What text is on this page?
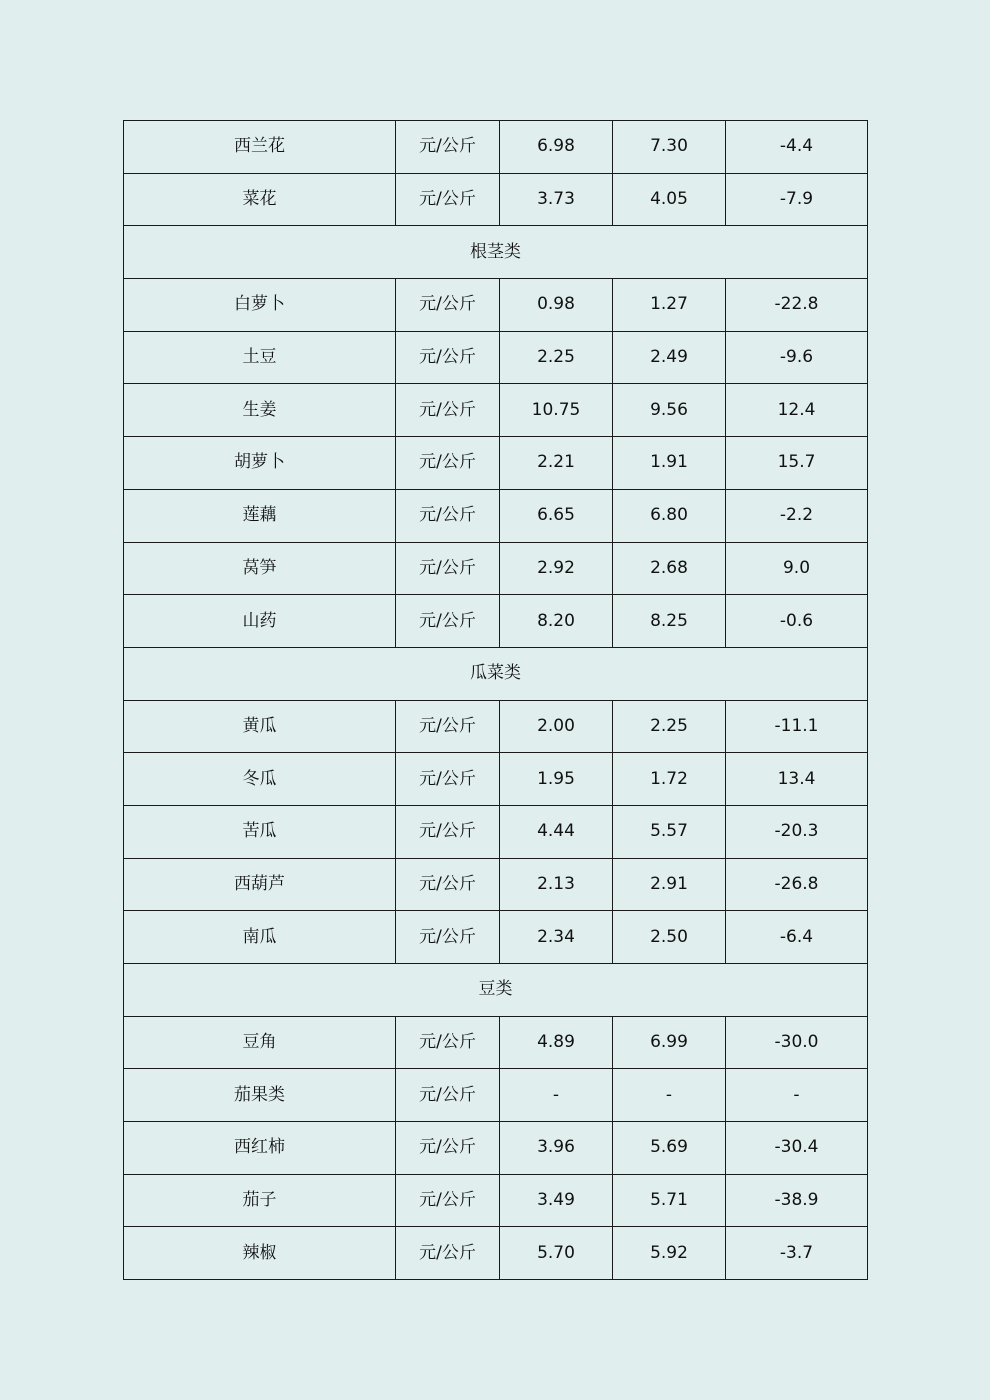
西兰花	元/公斤	6.98	7.30	-4.4
菜花	元/公斤	3.73	4.05	-7.9
根茎类				
白萝卜	元/公斤	0.98	1.27	-22.8
土豆	元/公斤	2.25	2.49	-9.6
生姜	元/公斤	10.75	9.56	12.4
胡萝卜	元/公斤	2.21	1.91	15.7
莲藕	元/公斤	6.65	6.80	-2.2
莴笋	元/公斤	2.92	2.68	9.0
山药	元/公斤	8.20	8.25	-0.6
瓜菜类				
黄瓜	元/公斤	2.00	2.25	-11.1
冬瓜	元/公斤	1.95	1.72	13.4
苦瓜	元/公斤	4.44	5.57	-20.3
西葫芦	元/公斤	2.13	2.91	-26.8
南瓜	元/公斤	2.34	2.50	-6.4
豆类				
豆角	元/公斤	4.89	6.99	-30.0
茄果类	元/公斤	-	-	-
西红柿	元/公斤	3.96	5.69	-30.4
茄子	元/公斤	3.49	5.71	-38.9
辣椒	元/公斤	5.70	5.92	-3.7
